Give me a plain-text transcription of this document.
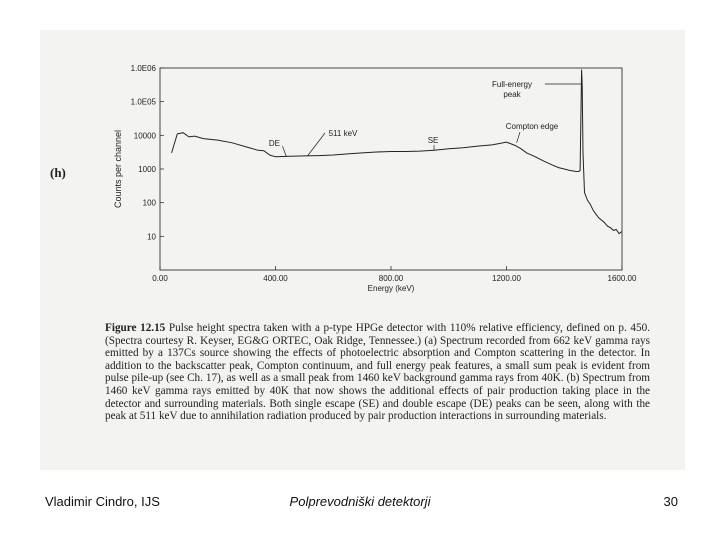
(h)
1.0E06
1.0E05
10000
1000
100
10
0.00	400.00	800.00	1200.00	1600.00
Energy (keV)
Counts per channel
Full-energy
peak
Compton edge
511 keV
DE	SE
Figure 12.15 Pulse height spectra taken with a p-type HPGe detector with 110% relative efficiency, defined on p. 450. (Spectra courtesy R. Keyser, EG&G ORTEC, Oak Ridge, Tennessee.) (a) Spectrum recorded from 662 keV gamma rays emitted by a 137Cs source showing the effects of photoelectric absorption and Compton scattering in the detector. In addition to the backscatter peak, Compton continuum, and full energy peak features, a small sum peak is evident from pulse pile-up (see Ch. 17), as well as a small peak from 1460 keV background gamma rays from 40K. (b) Spectrum from 1460 keV gamma rays emitted by 40K that now shows the additional effects of pair production taking place in the detector and surrounding materials. Both single escape (SE) and double escape (DE) peaks can be seen, along with the peak at 511 keV due to annihilation radiation produced by pair production interactions in surrounding materials.
Vladimir Cindro, IJS	Polprevodniški detektorji	30
